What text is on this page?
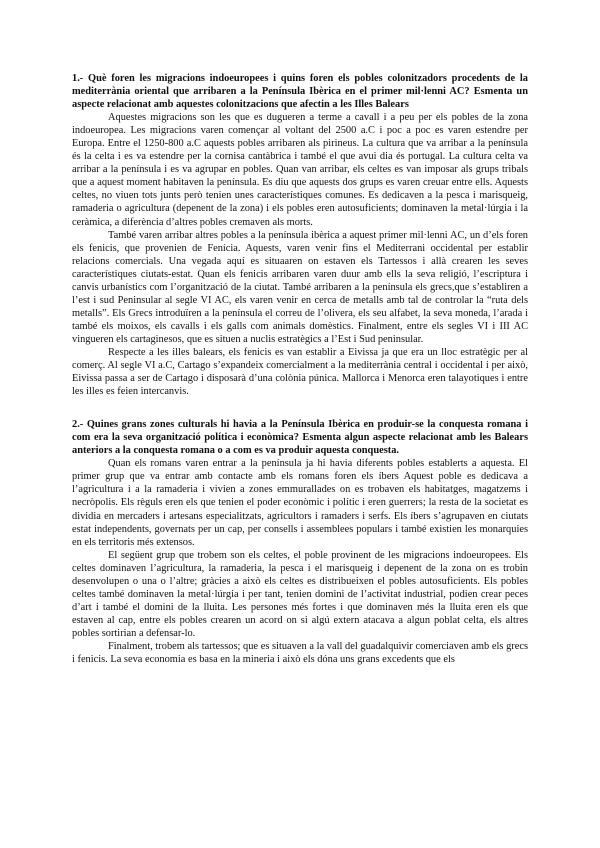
1.- Què foren les migracions indoeuropees i quins foren els pobles colonitzadors procedents de la mediterrània oriental que arribaren a la Península Ibèrica en el primer mil·lenni AC? Esmenta un aspecte relacionat amb aquestes colonitzacions que afectin a les Illes Balears

Aquestes migracions son les que es dugueren a terme a cavall i a peu per els pobles de la zona indoeuropea. Les migracions varen començar al voltant del 2500 a.C i poc a poc es varen estendre per Europa. Entre el 1250-800 a.C aquests pobles arribaren als pirineus. La cultura que va arribar a la península és la celta i es va estendre per la cornisa cantàbrica i també el que avui dia és portugal. La cultura celta va arribar a la península i es va agrupar en pobles. Quan van arribar, els celtes es van imposar als grups tribals que a aquest moment habitaven la península. Es diu que aquests dos grups es varen creuar entre ells. Aquests celtes, no viuen tots junts però tenien unes característiques comunes. Es dedicaven a la pesca i marisqueig, ramaderia o agricultura (depenent de la zona) i els pobles eren autosuficients; dominaven la metal·lúrgia i la ceràmica, a diferència d’altres pobles cremaven als morts.

També varen arribar altres pobles a la península ibèrica a aquest primer mil·lenni AC, un d’els foren els fenicis, que provenien de Fenícia. Aquests, varen venir fins el Mediterrani occidental per establir relacions comercials. Una vegada aquí es situaaren on estaven els Tartessos i allà crearen les seves característiques ciutats-estat. Quan els fenicis arribaren varen duur amb ells la seva religió, l’escriptura i canvis urbanístics com l’organització de la ciutat. També arribaren a la península els grecs,que s’establiren a l’est i sud Peninsular al segle VI AC, els varen venir en cerca de metalls amb tal de controlar la “ruta dels metalls”. Els Grecs introduïren a la península el correu de l’olivera, els seu alfabet, la seva moneda, l’arada i també els moixos, els cavalls i els galls com animals domèstics. Finalment, entre els segles VI i III AC vingueren els cartaginesos, que es situen a nuclis estratègics a l’Est i Sud peninsular.

Respecte a les illes balears, els fenicis es van establir a Eivissa ja que era un lloc estratègic per al comerç. Al segle VI a.C, Cartago s’expandeix comercialment a la mediterrània central i occidental i per això, Eivissa passa a ser de Cartago i disposarà d’una colònia púnica. Mallorca i Menorca eren talayotiques i entre les illes es feien intercanvis.

2.- Quines grans zones culturals hi havia a la Península Ibèrica en produir-se la conquesta romana i com era la seva organització política i econòmica? Esmenta algun aspecte relacionat amb les Balears anteriors a la conquesta romana o a com es va produir aquesta conquesta.

Quan els romans varen entrar a la península ja hi havia diferents pobles establerts a aquesta. El primer grup que va entrar amb contacte amb els romans foren els íbers Aquest poble es dedicava a l’agricultura i a la ramaderia i vivien a zones emmurallades on es trobaven els habitatges, magatzems i necròpolis. Els règuls eren els que tenien el poder econòmic i polític i eren guerrers; la resta de la societat es dividia en mercaders i artesans especialitzats, agricultors i ramaders i serfs. Els íbers s’agrupaven en ciutats estat independents, governats per un cap, per consells i assemblees populars i també existien les monarquies en els territoris més extensos.

El següent grup que trobem son els celtes, el poble provinent de les migracions indoeuropees. Els celtes dominaven l’agricultura, la ramaderia, la pesca i el marisqueig i depenent de la zona on es trobin desenvolupen o una o l’altre; gràcies a això els celtes es distribueixen el pobles autosuficients. Els pobles celtes també dominaven la metal·lúrgia i per tant, tenien domini de l’activitat industrial, podien crear peces d’art i també el domini de la lluita. Les persones més fortes i que dominaven més la lluita eren els que estaven al cap, entre els pobles crearen un acord on si algú extern atacava a algun poblat celta, els altres pobles sortirian a defensar-lo.

Finalment, trobem als tartessos; que es situaven a la vall del guadalquivir comerciaven amb els grecs i fenicis. La seva economia es basa en la mineria i això els dóna uns grans excedents que els
